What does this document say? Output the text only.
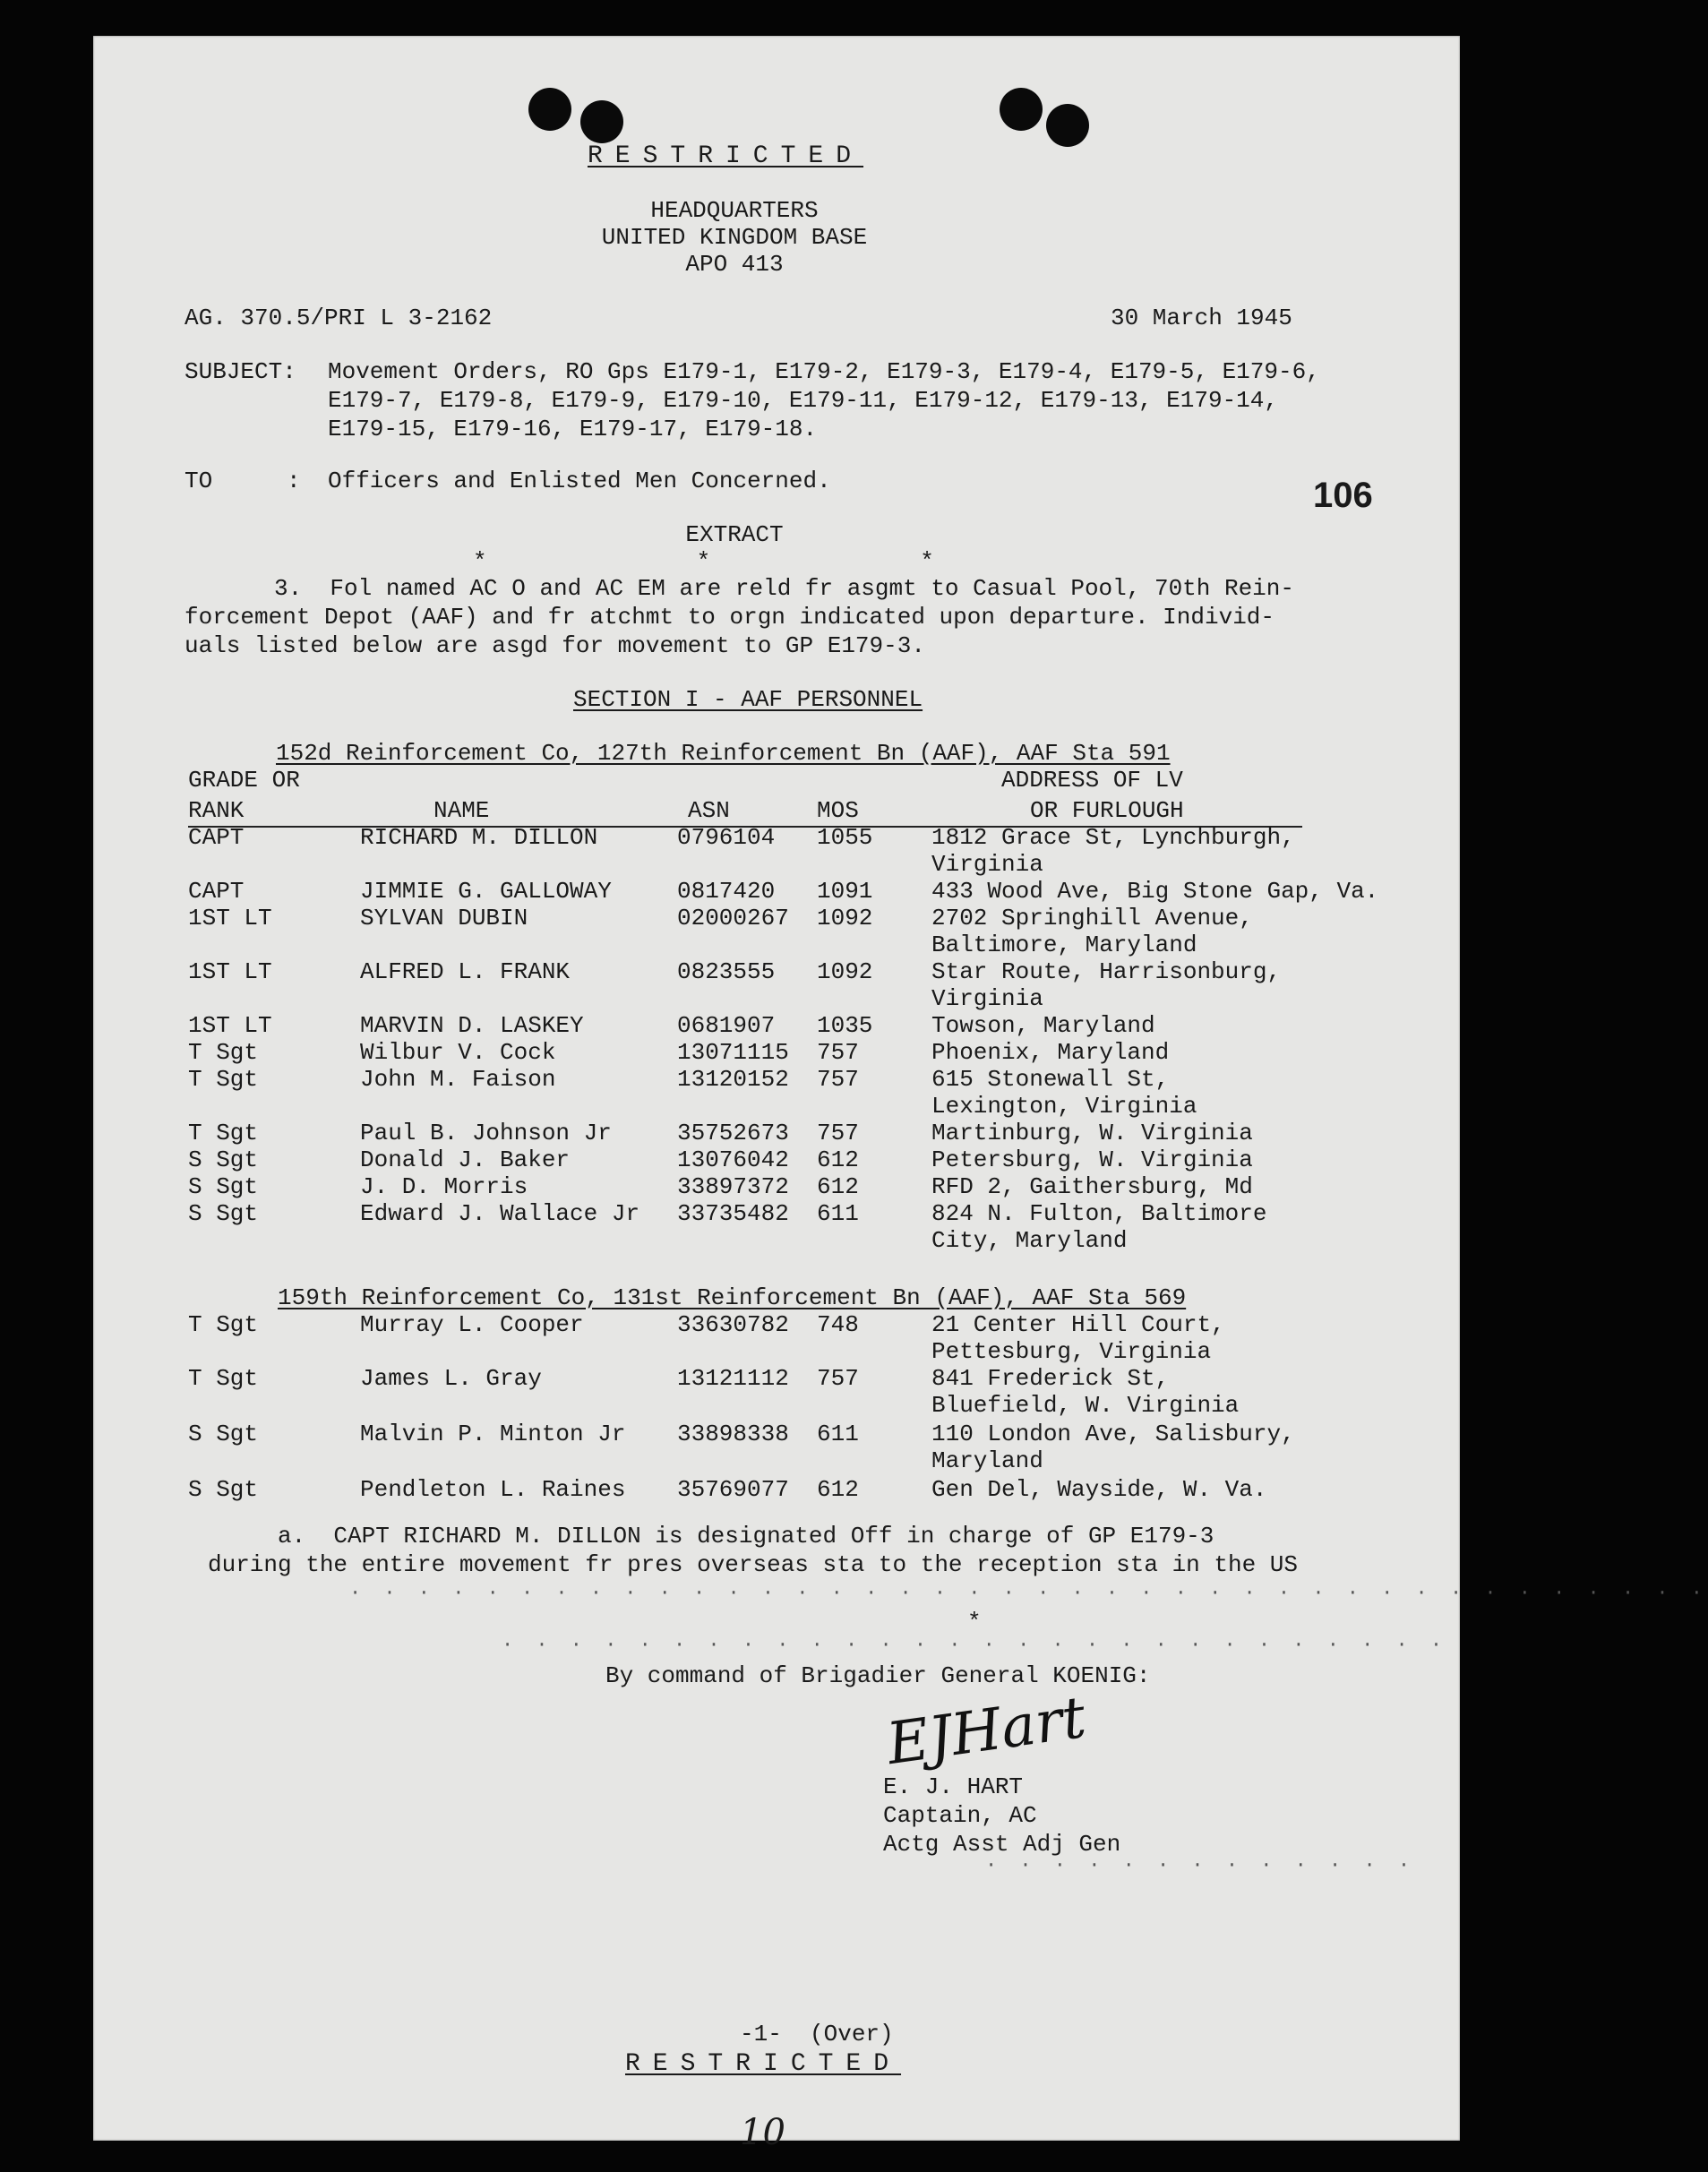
RESTRICTED
HEADQUARTERS
UNITED KINGDOM BASE
APO 413
AG. 370.5/PRI L 3-2162	30 March 1945
SUBJECT: Movement Orders, RO Gps E179-1, E179-2, E179-3, E179-4, E179-5, E179-6,
E179-7, E179-8, E179-9, E179-10, E179-11, E179-12, E179-13, E179-14,
E179-15, E179-16, E179-17, E179-18.
TO	: Officers and Enlisted Men Concerned.	106
EXTRACT
*               *               *
3.  Fol named AC O and AC EM are reld fr asgmt to Casual Pool, 70th Rein-
forcement Depot (AAF) and fr atchmt to orgn indicated upon departure. Individ-
uals listed below are asgd for movement to GP E179-3.
SECTION I - AAF PERSONNEL
152d Reinforcement Co, 127th Reinforcement Bn (AAF), AAF Sta 591
GRADE OR
RANK	NAME	ASN	MOS
ADDRESS OF LV
OR FURLOUGH
CAPT	RICHARD M. DILLON	0796104 1055	1812 Grace St, Lynchburgh,
Virginia
CAPT	JIMMIE G. GALLOWAY	0817420 1091	433 Wood Ave, Big Stone Gap, Va.
1ST LT	SYLVAN DUBIN	02000267 1092	2702 Springhill Avenue,
Baltimore, Maryland
1ST LT	ALFRED L. FRANK	0823555 1092	Star Route, Harrisonburg,
Virginia
1ST LT	MARVIN D. LASKEY	0681907 1035	Towson, Maryland
T Sgt	Wilbur V. Cock	13071115 757	Phoenix, Maryland
T Sgt	John M. Faison	13120152 757	615 Stonewall St,
Lexington, Virginia
T Sgt	Paul B. Johnson Jr	35752673 757	Martinburg, W. Virginia
S Sgt	Donald J. Baker	13076042 612	Petersburg, W. Virginia
S Sgt	J. D. Morris	33897372 612	RFD 2, Gaithersburg, Md
S Sgt	Edward J. Wallace Jr 33735482 611	824 N. Fulton, Baltimore
City, Maryland
159th Reinforcement Co, 131st Reinforcement Bn (AAF), AAF Sta 569
T Sgt	Murray L. Cooper	33630782 748	21 Center Hill Court,
Pettesburg, Virginia
T Sgt	James L. Gray	13121112 757	841 Frederick St,
Bluefield, W. Virginia
S Sgt	Malvin P. Minton Jr 33898338 611	110 London Ave, Salisbury,
Maryland
S Sgt	Pendleton L. Raines 35769077 612	Gen Del, Wayside, W. Va.
a.  CAPT RICHARD M. DILLON is designated Off in charge of GP E179-3
during the entire movement fr pres overseas sta to the reception sta in the US
· · · · · · · · · · · · · · · · · · · · · · · · · · · · · · · · · · · · · · · ·
*
· · · · · · · · · · · · · · · · · · · · · · · · · · · ·
By command of Brigadier General KOENIG:
EJHart
E. J. HART
Captain, AC
Actg Asst Adj Gen
· · · · · · · · · · · · ·
-1-  (Over)
RESTRICTED
10
